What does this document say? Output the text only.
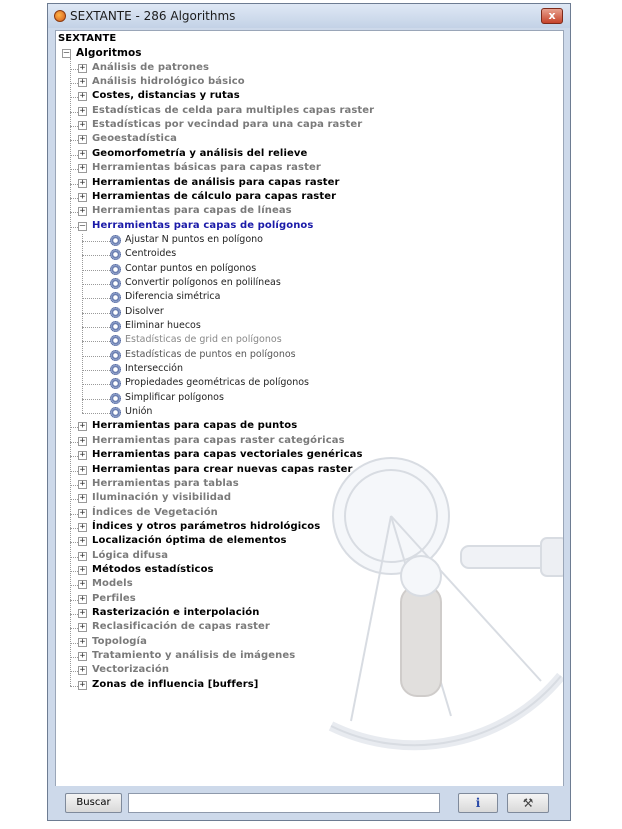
SEXTANTE - 286 Algorithms	x
SEXTANTE
– Algoritmos
+ Análisis de patrones
+ Análisis hidrológico básico
+ Costes, distancias y rutas
+ Estadísticas de celda para multiples capas raster
+ Estadísticas por vecindad para una capa raster
+ Geoestadística
+ Geomorfometría y análisis del relieve
+ Herramientas básicas para capas raster
+ Herramientas de análisis para capas raster
+ Herramientas de cálculo para capas raster
+ Herramientas para capas de líneas
– Herramientas para capas de polígonos
Ajustar N puntos en polígono
Centroides
Contar puntos en polígonos
Convertir polígonos en polilíneas
Diferencia simétrica
Disolver
Eliminar huecos
Estadísticas de grid en polígonos
Estadísticas de puntos en polígonos
Intersección
Propiedades geométricas de polígonos
Simplificar polígonos
Unión
+ Herramientas para capas de puntos
+ Herramientas para capas raster categóricas
+ Herramientas para capas vectoriales genéricas
+ Herramientas para crear nuevas capas raster
+ Herramientas para tablas
+ Iluminación y visibilidad
+ Índices de Vegetación
+ Índices y otros parámetros hidrológicos
+ Localización óptima de elementos
+ Lógica difusa
+ Métodos estadísticos
+ Models
+ Perfiles
+ Rasterización e interpolación
+ Reclasificación de capas raster
+ Topología
+ Tratamiento y análisis de imágenes
+ Vectorización
+ Zonas de influencia [buffers]
Buscar	i	⚒
